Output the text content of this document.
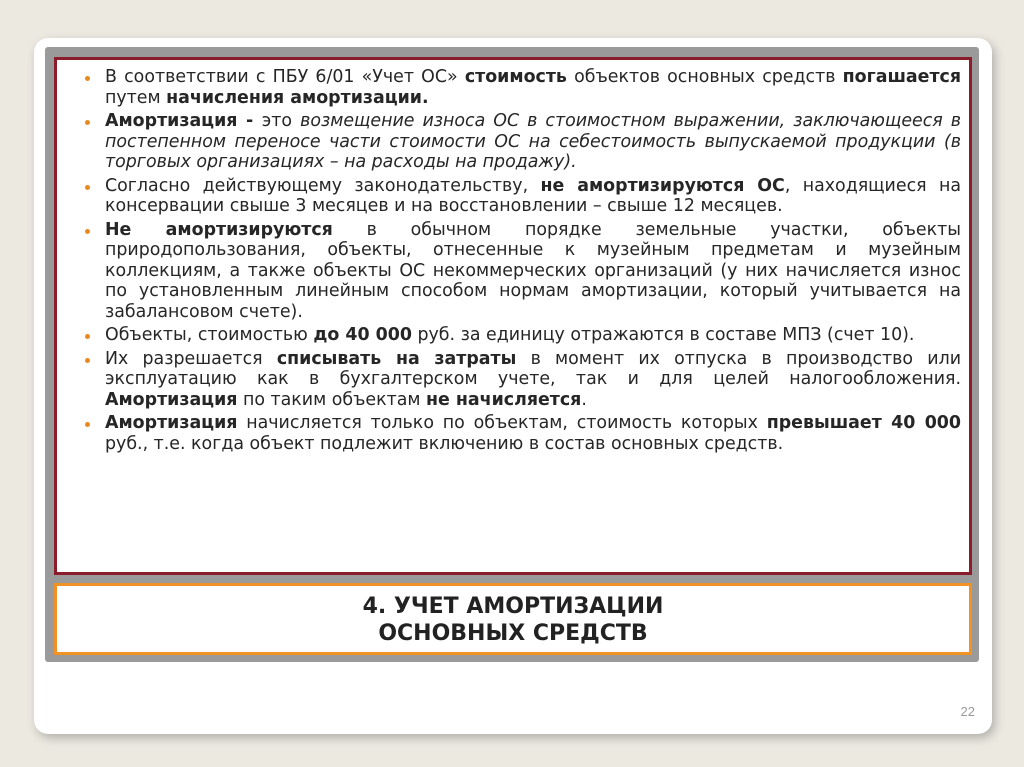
В соответствии с ПБУ 6/01 «Учет ОС» стоимость объектов основных средств погашается путем начисления амортизации.
Амортизация - это возмещение износа ОС в стоимостном выражении, заключающееся в постепенном переносе части стоимости ОС на себестоимость выпускаемой продукции (в торговых организациях – на расходы на продажу).
Согласно действующему законодательству, не амортизируются ОС, находящиеся на консервации свыше 3 месяцев и на восстановлении – свыше 12 месяцев.
Не амортизируются в обычном порядке земельные участки, объекты природопользования, объекты, отнесенные к музейным предметам и музейным коллекциям, а также объекты ОС некоммерческих организаций (у них начисляется износ по установленным линейным способом нормам амортизации, который учитывается на забалансовом счете).
Объекты, стоимостью до 40 000 руб. за единицу отражаются в составе МПЗ (счет 10).
Их разрешается списывать на затраты в момент их отпуска в производство или эксплуатацию как в бухгалтерском учете, так и для целей налогообложения. Амортизация по таким объектам не начисляется.
Амортизация начисляется только по объектам, стоимость которых превышает 40 000 руб., т.е. когда объект подлежит включению в состав основных средств.
4. УЧЕТ АМОРТИЗАЦИИ
ОСНОВНЫХ СРЕДСТВ
22
